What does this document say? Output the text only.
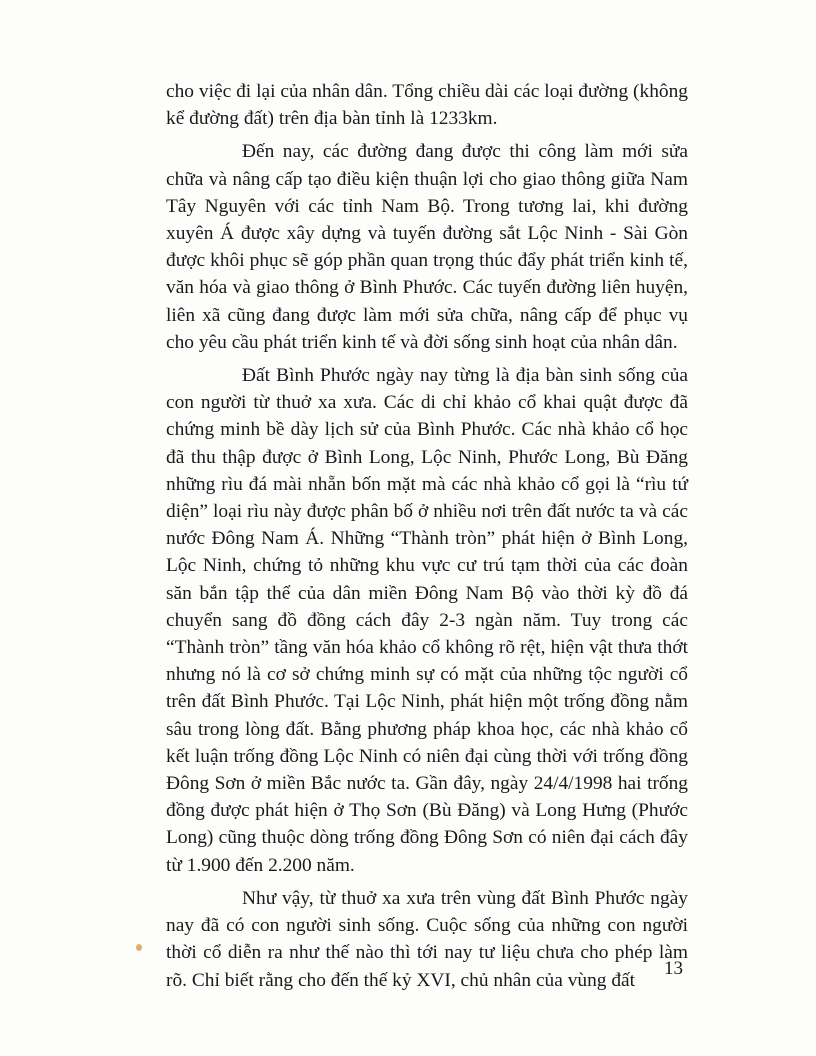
cho việc đi lại của nhân dân. Tổng chiều dài các loại đường (không kể đường đất) trên địa bàn tỉnh là 1233km.

Đến nay, các đường đang được thi công làm mới sửa chữa và nâng cấp tạo điều kiện thuận lợi cho giao thông giữa Nam Tây Nguyên với các tỉnh Nam Bộ. Trong tương lai, khi đường xuyên Á được xây dựng và tuyến đường sắt Lộc Ninh - Sài Gòn được khôi phục sẽ góp phần quan trọng thúc đẩy phát triển kinh tế, văn hóa và giao thông ở Bình Phước. Các tuyến đường liên huyện, liên xã cũng đang được làm mới sửa chữa, nâng cấp để phục vụ cho yêu cầu phát triển kinh tế và đời sống sinh hoạt của nhân dân.

Đất Bình Phước ngày nay từng là địa bàn sinh sống của con người từ thuở xa xưa. Các di chỉ khảo cổ khai quật được đã chứng minh bề dày lịch sử của Bình Phước. Các nhà khảo cổ học đã thu thập được ở Bình Long, Lộc Ninh, Phước Long, Bù Đăng những rìu đá mài nhẵn bốn mặt mà các nhà khảo cổ gọi là “rìu tứ diện” loại rìu này được phân bố ở nhiều nơi trên đất nước ta và các nước Đông Nam Á. Những “Thành tròn” phát hiện ở Bình Long, Lộc Ninh, chứng tỏ những khu vực cư trú tạm thời của các đoàn săn bắn tập thể của dân miền Đông Nam Bộ vào thời kỳ đồ đá chuyển sang đồ đồng cách đây 2-3 ngàn năm. Tuy trong các “Thành tròn” tầng văn hóa khảo cổ không rõ rệt, hiện vật thưa thớt nhưng nó là cơ sở chứng minh sự có mặt của những tộc người cổ trên đất Bình Phước. Tại Lộc Ninh, phát hiện một trống đồng nằm sâu trong lòng đất. Bằng phương pháp khoa học, các nhà khảo cổ kết luận trống đồng Lộc Ninh có niên đại cùng thời với trống đồng Đông Sơn ở miền Bắc nước ta. Gần đây, ngày 24/4/1998 hai trống đồng được phát hiện ở Thọ Sơn (Bù Đăng) và Long Hưng (Phước Long) cũng thuộc dòng trống đồng Đông Sơn có niên đại cách đây từ 1.900 đến 2.200 năm.

Như vậy, từ thuở xa xưa trên vùng đất Bình Phước ngày nay đã có con người sinh sống. Cuộc sống của những con người thời cổ diễn ra như thế nào thì tới nay tư liệu chưa cho phép làm rõ. Chỉ biết rằng cho đến thế kỷ XVI, chủ nhân của vùng đất

13
